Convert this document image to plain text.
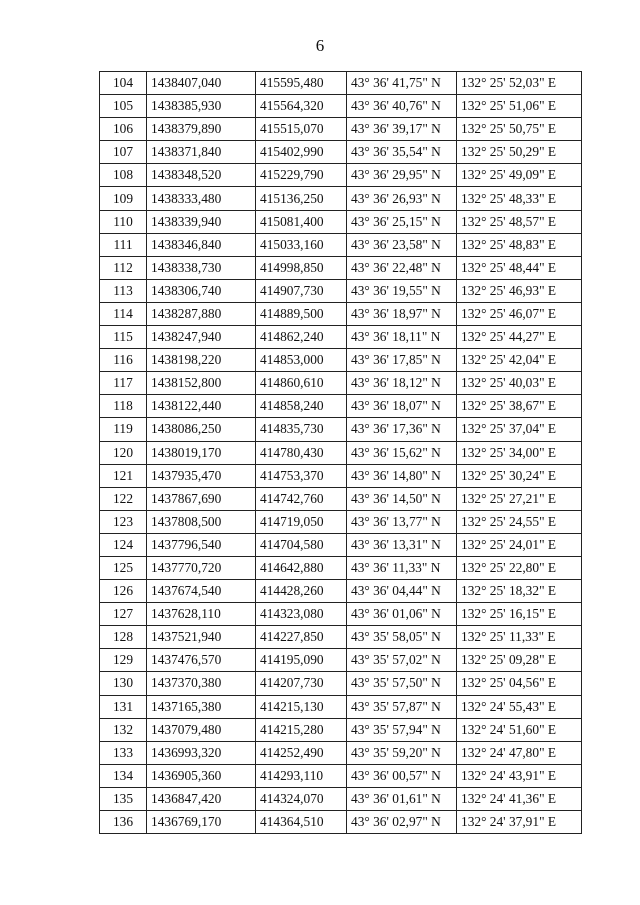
6
104	1438407,040	415595,480	43° 36' 41,75" N	132° 25' 52,03" E
105	1438385,930	415564,320	43° 36' 40,76" N	132° 25' 51,06" E
106	1438379,890	415515,070	43° 36' 39,17" N	132° 25' 50,75" E
107	1438371,840	415402,990	43° 36' 35,54" N	132° 25' 50,29" E
108	1438348,520	415229,790	43° 36' 29,95" N	132° 25' 49,09" E
109	1438333,480	415136,250	43° 36' 26,93" N	132° 25' 48,33" E
110	1438339,940	415081,400	43° 36' 25,15" N	132° 25' 48,57" E
111	1438346,840	415033,160	43° 36' 23,58" N	132° 25' 48,83" E
112	1438338,730	414998,850	43° 36' 22,48" N	132° 25' 48,44" E
113	1438306,740	414907,730	43° 36' 19,55" N	132° 25' 46,93" E
114	1438287,880	414889,500	43° 36' 18,97" N	132° 25' 46,07" E
115	1438247,940	414862,240	43° 36' 18,11" N	132° 25' 44,27" E
116	1438198,220	414853,000	43° 36' 17,85" N	132° 25' 42,04" E
117	1438152,800	414860,610	43° 36' 18,12" N	132° 25' 40,03" E
118	1438122,440	414858,240	43° 36' 18,07" N	132° 25' 38,67" E
119	1438086,250	414835,730	43° 36' 17,36" N	132° 25' 37,04" E
120	1438019,170	414780,430	43° 36' 15,62" N	132° 25' 34,00" E
121	1437935,470	414753,370	43° 36' 14,80" N	132° 25' 30,24" E
122	1437867,690	414742,760	43° 36' 14,50" N	132° 25' 27,21" E
123	1437808,500	414719,050	43° 36' 13,77" N	132° 25' 24,55" E
124	1437796,540	414704,580	43° 36' 13,31" N	132° 25' 24,01" E
125	1437770,720	414642,880	43° 36' 11,33" N	132° 25' 22,80" E
126	1437674,540	414428,260	43° 36' 04,44" N	132° 25' 18,32" E
127	1437628,110	414323,080	43° 36' 01,06" N	132° 25' 16,15" E
128	1437521,940	414227,850	43° 35' 58,05" N	132° 25' 11,33" E
129	1437476,570	414195,090	43° 35' 57,02" N	132° 25' 09,28" E
130	1437370,380	414207,730	43° 35' 57,50" N	132° 25' 04,56" E
131	1437165,380	414215,130	43° 35' 57,87" N	132° 24' 55,43" E
132	1437079,480	414215,280	43° 35' 57,94" N	132° 24' 51,60" E
133	1436993,320	414252,490	43° 35' 59,20" N	132° 24' 47,80" E
134	1436905,360	414293,110	43° 36' 00,57" N	132° 24' 43,91" E
135	1436847,420	414324,070	43° 36' 01,61" N	132° 24' 41,36" E
136	1436769,170	414364,510	43° 36' 02,97" N	132° 24' 37,91" E
